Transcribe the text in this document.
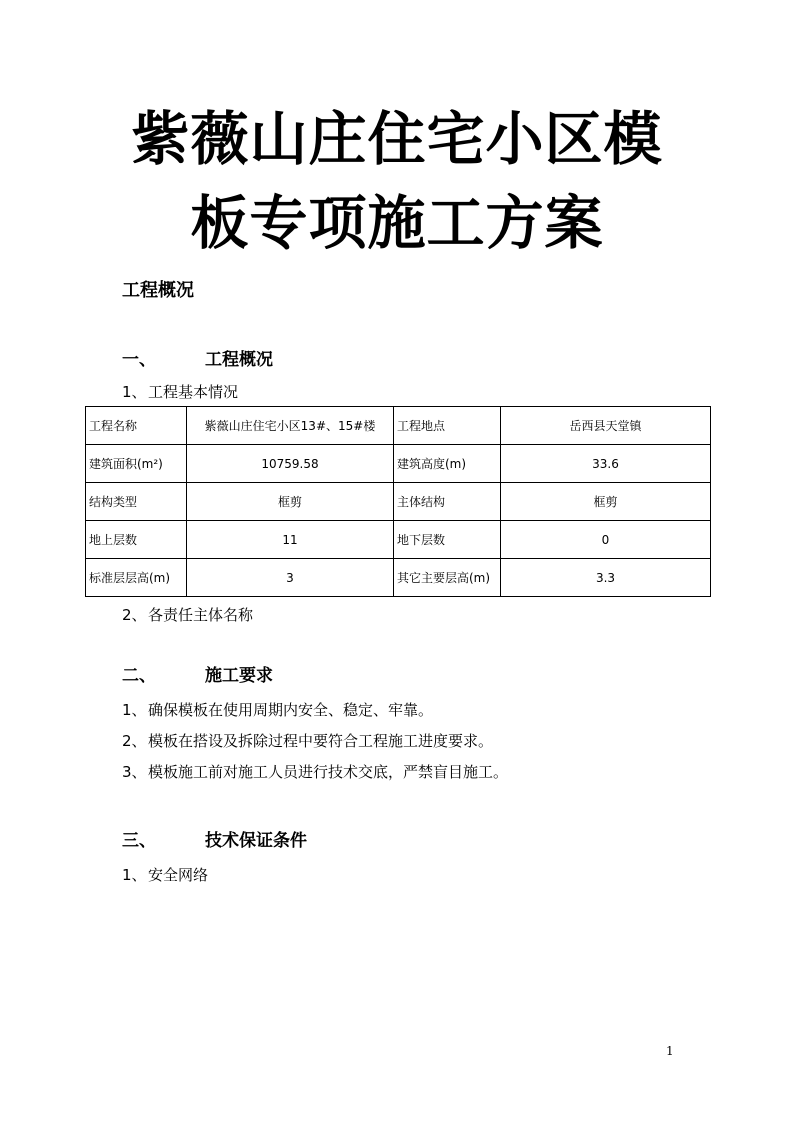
紫薇山庄住宅小区模
板专项施工方案
工程概况
一、	工程概况
1、工程基本情况
工程名称	紫薇山庄住宅小区13#、15#楼	工程地点	岳西县天堂镇
建筑面积(m²)	10759.58	建筑高度(m)	33.6
结构类型	框剪	主体结构	框剪
地上层数	11	地下层数	0
标准层层高(m)	3	其它主要层高(m)	3.3
2、各责任主体名称
二、	施工要求
1、确保模板在使用周期内安全、稳定、牢靠。
2、模板在搭设及拆除过程中要符合工程施工进度要求。
3、模板施工前对施工人员进行技术交底，严禁盲目施工。
三、	技术保证条件
1、安全网络
1
